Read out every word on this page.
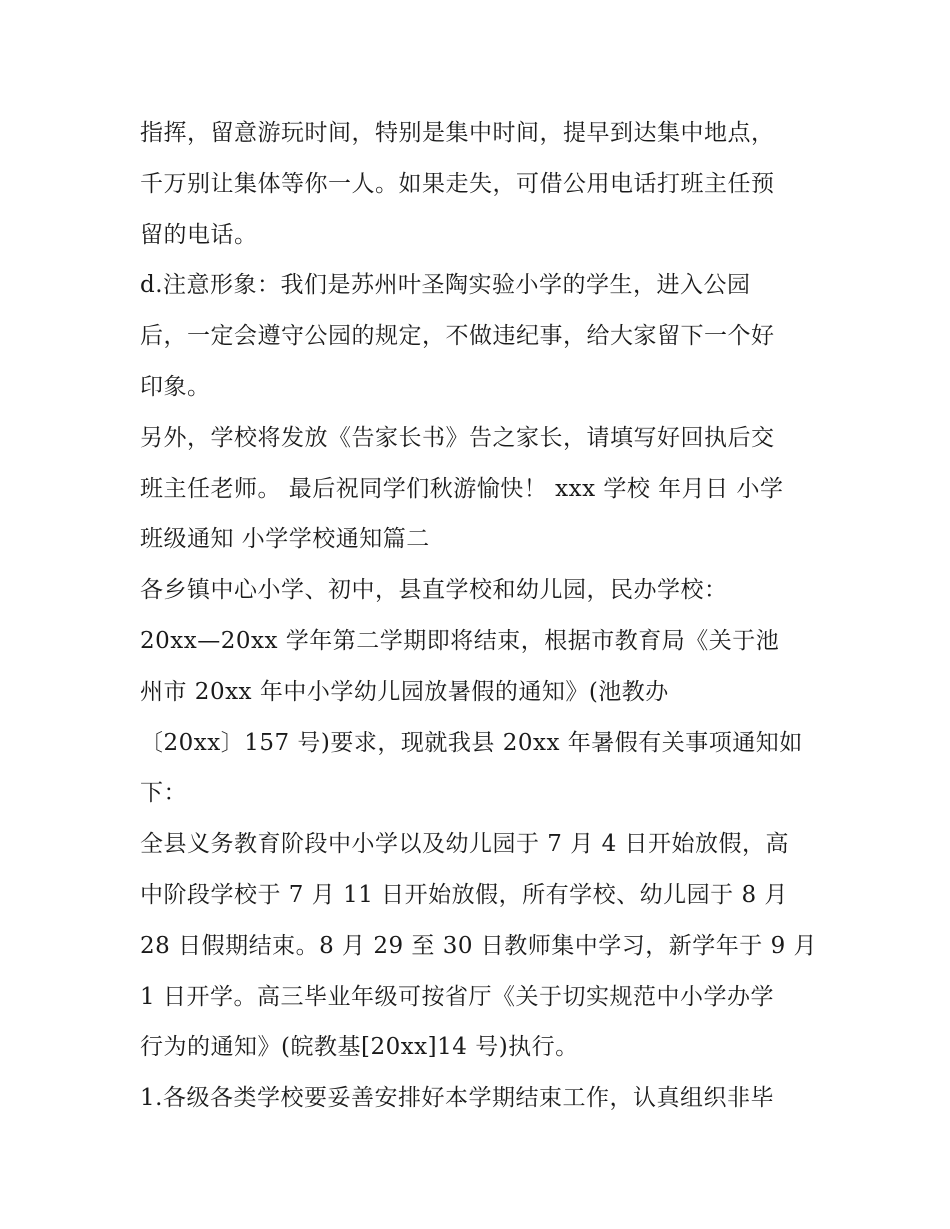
指挥，留意游玩时间，特别是集中时间，提早到达集中地点，
千万别让集体等你一人。如果走失，可借公用电话打班主任预
留的电话。
d.注意形象：我们是苏州叶圣陶实验小学的学生，进入公园
后，一定会遵守公园的规定，不做违纪事，给大家留下一个好
印象。
另外，学校将发放《告家长书》告之家长，请填写好回执后交
班主任老师。 最后祝同学们秋游愉快！ xxx 学校 年月日 小学
班级通知 小学学校通知篇二
各乡镇中心小学、初中，县直学校和幼儿园，民办学校：
20xx—20xx 学年第二学期即将结束，根据市教育局《关于池
州市 20xx 年中小学幼儿园放暑假的通知》(池教办
〔20xx〕157 号)要求，现就我县 20xx 年暑假有关事项通知如
下：
全县义务教育阶段中小学以及幼儿园于 7 月 4 日开始放假，高
中阶段学校于 7 月 11 日开始放假，所有学校、幼儿园于 8 月
28 日假期结束。8 月 29 至 30 日教师集中学习，新学年于 9 月
1 日开学。高三毕业年级可按省厅《关于切实规范中小学办学
行为的通知》(皖教基[20xx]14 号)执行。
1.各级各类学校要妥善安排好本学期结束工作，认真组织非毕
